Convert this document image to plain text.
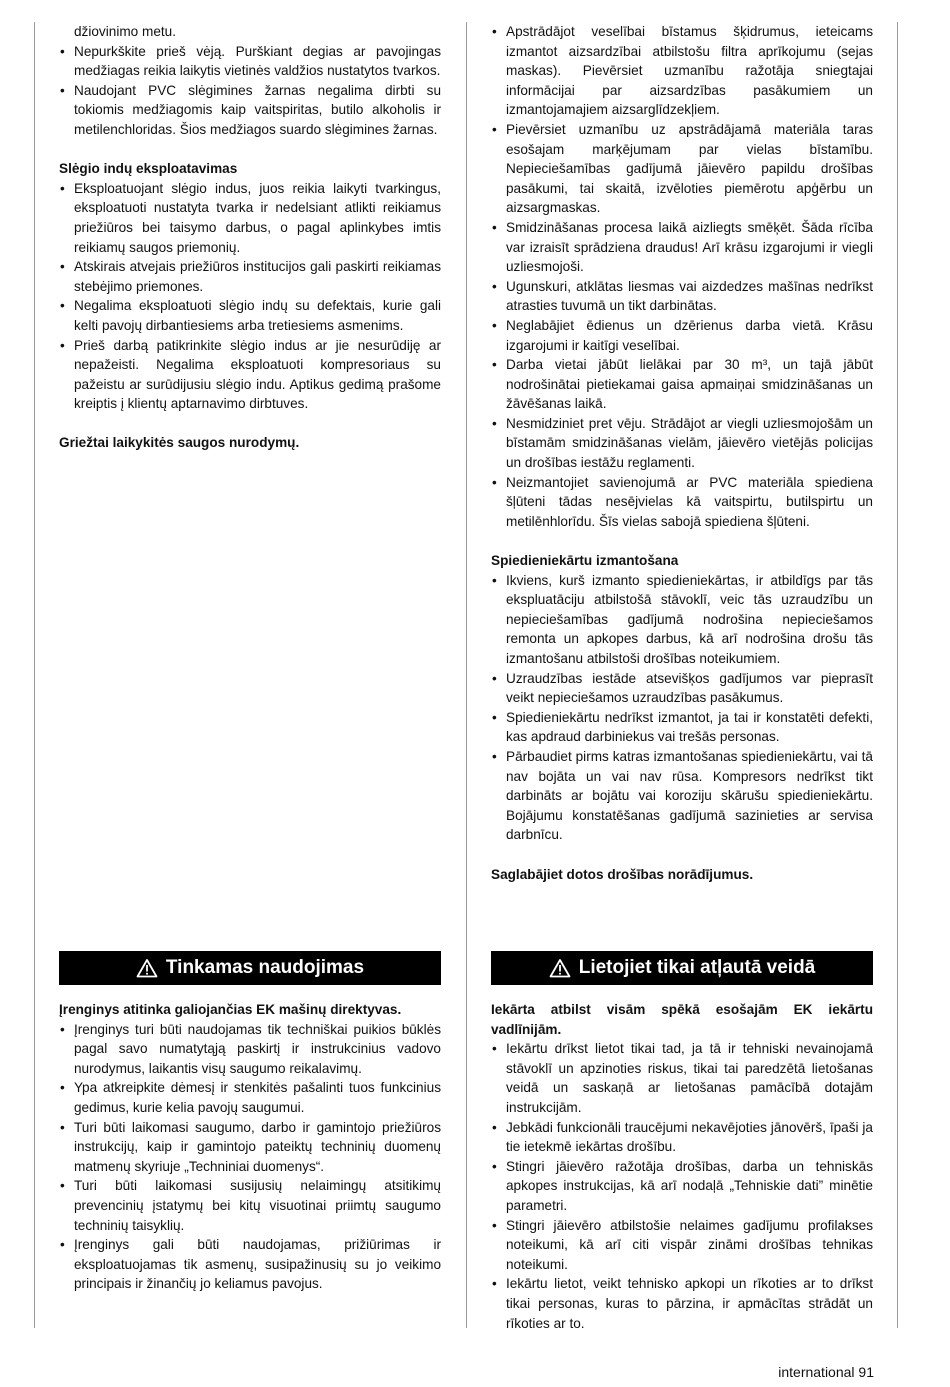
džiovinimo metu.

• Nepurkškite prieš vėją. Purškiant degias ar pavojingas medžiagas reikia laikytis vietinės valdžios nustatytos tvarkos.
• Naudojant PVC slėgimines žarnas negalima dirbti su tokiomis medžiagomis kaip vaitspiritas, butilo alkoholis ir metilenchloridas. Šios medžiagos suardo slėgimines žarnas.

Slėgio indų eksploatavimas

• Eksploatuojant slėgio indus, juos reikia laikyti tvarkingus, eksploatuoti nustatyta tvarka ir nedelsiant atlikti reikiamus priežiūros bei taisymo darbus, o pagal aplinkybes imtis reikiamų saugos priemonių.
• Atskirais atvejais priežiūros institucijos gali paskirti reikiamas stebėjimo priemones.
• Negalima eksploatuoti slėgio indų su defektais, kurie gali kelti pavojų dirbantiesiems arba tretiesiems asmenims.
• Prieš darbą patikrinkite slėgio indus ar jie nesurūdiję ar nepažeisti. Negalima eksploatuoti kompresoriaus su pažeistu ar surūdijusiu slėgio indu. Aptikus gedimą prašome kreiptis į klientų aptarnavimo dirbtuves.

Griežtai laikykitės saugos nurodymų.

• Apstrādājot veselībai bīstamus šķidrumus, ieteicams izmantot aizsardzībai atbilstošu filtra aprīkojumu (sejas maskas). Pievērsiet uzmanību ražotāja sniegtajai informācijai par aizsardzības pasākumiem un izmantojamajiem aizsarglīdzekļiem.
• Pievērsiet uzmanību uz apstrādājamā materiāla taras esošajam marķējumam par vielas bīstamību. Nepieciešamības gadījumā jāievēro papildu drošības pasākumi, tai skaitā, izvēloties piemērotu apģērbu un aizsargmaskas.
• Smidzināšanas procesa laikā aizliegts smēķēt. Šāda rīcība var izraisīt sprādziena draudus! Arī krāsu izgarojumi ir viegli uzliesmojoši.
• Ugunskuri, atklātas liesmas vai aizdedzes mašīnas nedrīkst atrasties tuvumā un tikt darbinātas.
• Neglabājiet ēdienus un dzērienus darba vietā. Krāsu izgarojumi ir kaitīgi veselībai.
• Darba vietai jābūt lielākai par 30 m³, un tajā jābūt nodrošinātai pietiekamai gaisa apmaiņai smidzināšanas un žāvēšanas laikā.
• Nesmidziniet pret vēju. Strādājot ar viegli uzliesmojošām un bīstamām smidzināšanas vielām, jāievēro vietējās policijas un drošības iestāžu reglamenti.
• Neizmantojiet savienojumā ar PVC materiāla spiediena šļūteni tādas nesējvielas kā vaitspirtu, butilspirtu un metilēnhlorīdu. Šīs vielas sabojā spiediena šļūteni.

Spiedieniekārtu izmantošana

• Ikviens, kurš izmanto spiedieniekārtas, ir atbildīgs par tās ekspluatāciju atbilstošā stāvoklī, veic tās uzraudzību un nepieciešamības gadījumā nodrošina nepieciešamos remonta un apkopes darbus, kā arī nodrošina drošu tās izmantošanu atbilstoši drošības noteikumiem.
• Uzraudzības iestāde atsevišķos gadījumos var pieprasīt veikt nepieciešamos uzraudzības pasākumus.
• Spiedieniekārtu nedrīkst izmantot, ja tai ir konstatēti defekti, kas apdraud darbiniekus vai trešās personas.
• Pārbaudiet pirms katras izmantošanas spiedieniekārtu, vai tā nav bojāta un vai nav rūsa. Kompresors nedrīkst tikt darbināts ar bojātu vai koroziju skārušu spiedieniekārtu. Bojājumu konstatēšanas gadījumā sazinieties ar servisa darbnīcu.

Saglabājiet dotos drošības norādījumus.

Tinkamas naudojimas	Lietojiet tikai atļautā veidā

Įrenginys atitinka galiojančias EK mašinų direktyvas.

• Įrenginys turi būti naudojamas tik techniškai puikios būklės pagal savo numatytąją paskirtį ir instrukcinius vadovo nurodymus, laikantis visų saugumo reikalavimų.
• Ypa atkreipkite dėmesį ir stenkitės pašalinti tuos funkcinius gedimus, kurie kelia pavojų saugumui.
• Turi būti laikomasi saugumo, darbo ir gamintojo priežiūros instrukcijų, kaip ir gamintojo pateiktų techninių duomenų matmenų skyriuje „Techniniai duomenys“.
• Turi būti laikomasi susijusių nelaimingų atsitikimų prevencinių įstatymų bei kitų visuotinai priimtų saugumo techninių taisyklių.
• Įrenginys gali būti naudojamas, prižiūrimas ir eksploatuojamas tik asmenų, susipažinusių su jo veikimo principais ir žinančių jo keliamus pavojus.

Iekārta atbilst visām spēkā esošajām EK iekārtu vadlīnijām.

• Iekārtu drīkst lietot tikai tad, ja tā ir tehniski nevainojamā stāvoklī un apzinoties riskus, tikai tai paredzētā lietošanas veidā un saskaņā ar lietošanas pamācībā dotajām instrukcijām.
• Jebkādi funkcionāli traucējumi nekavējoties jānovērš, īpaši ja tie ietekmē iekārtas drošību.
• Stingri jāievēro ražotāja drošības, darba un tehniskās apkopes instrukcijas, kā arī nodaļā „Tehniskie dati” minētie parametri.
• Stingri jāievēro atbilstošie nelaimes gadījumu profilakses noteikumi, kā arī citi vispār zināmi drošības tehnikas noteikumi.
• Iekārtu lietot, veikt tehnisko apkopi un rīkoties ar to drīkst tikai personas, kuras to pārzina, ir apmācītas strādāt un rīkoties ar to.
international 91
